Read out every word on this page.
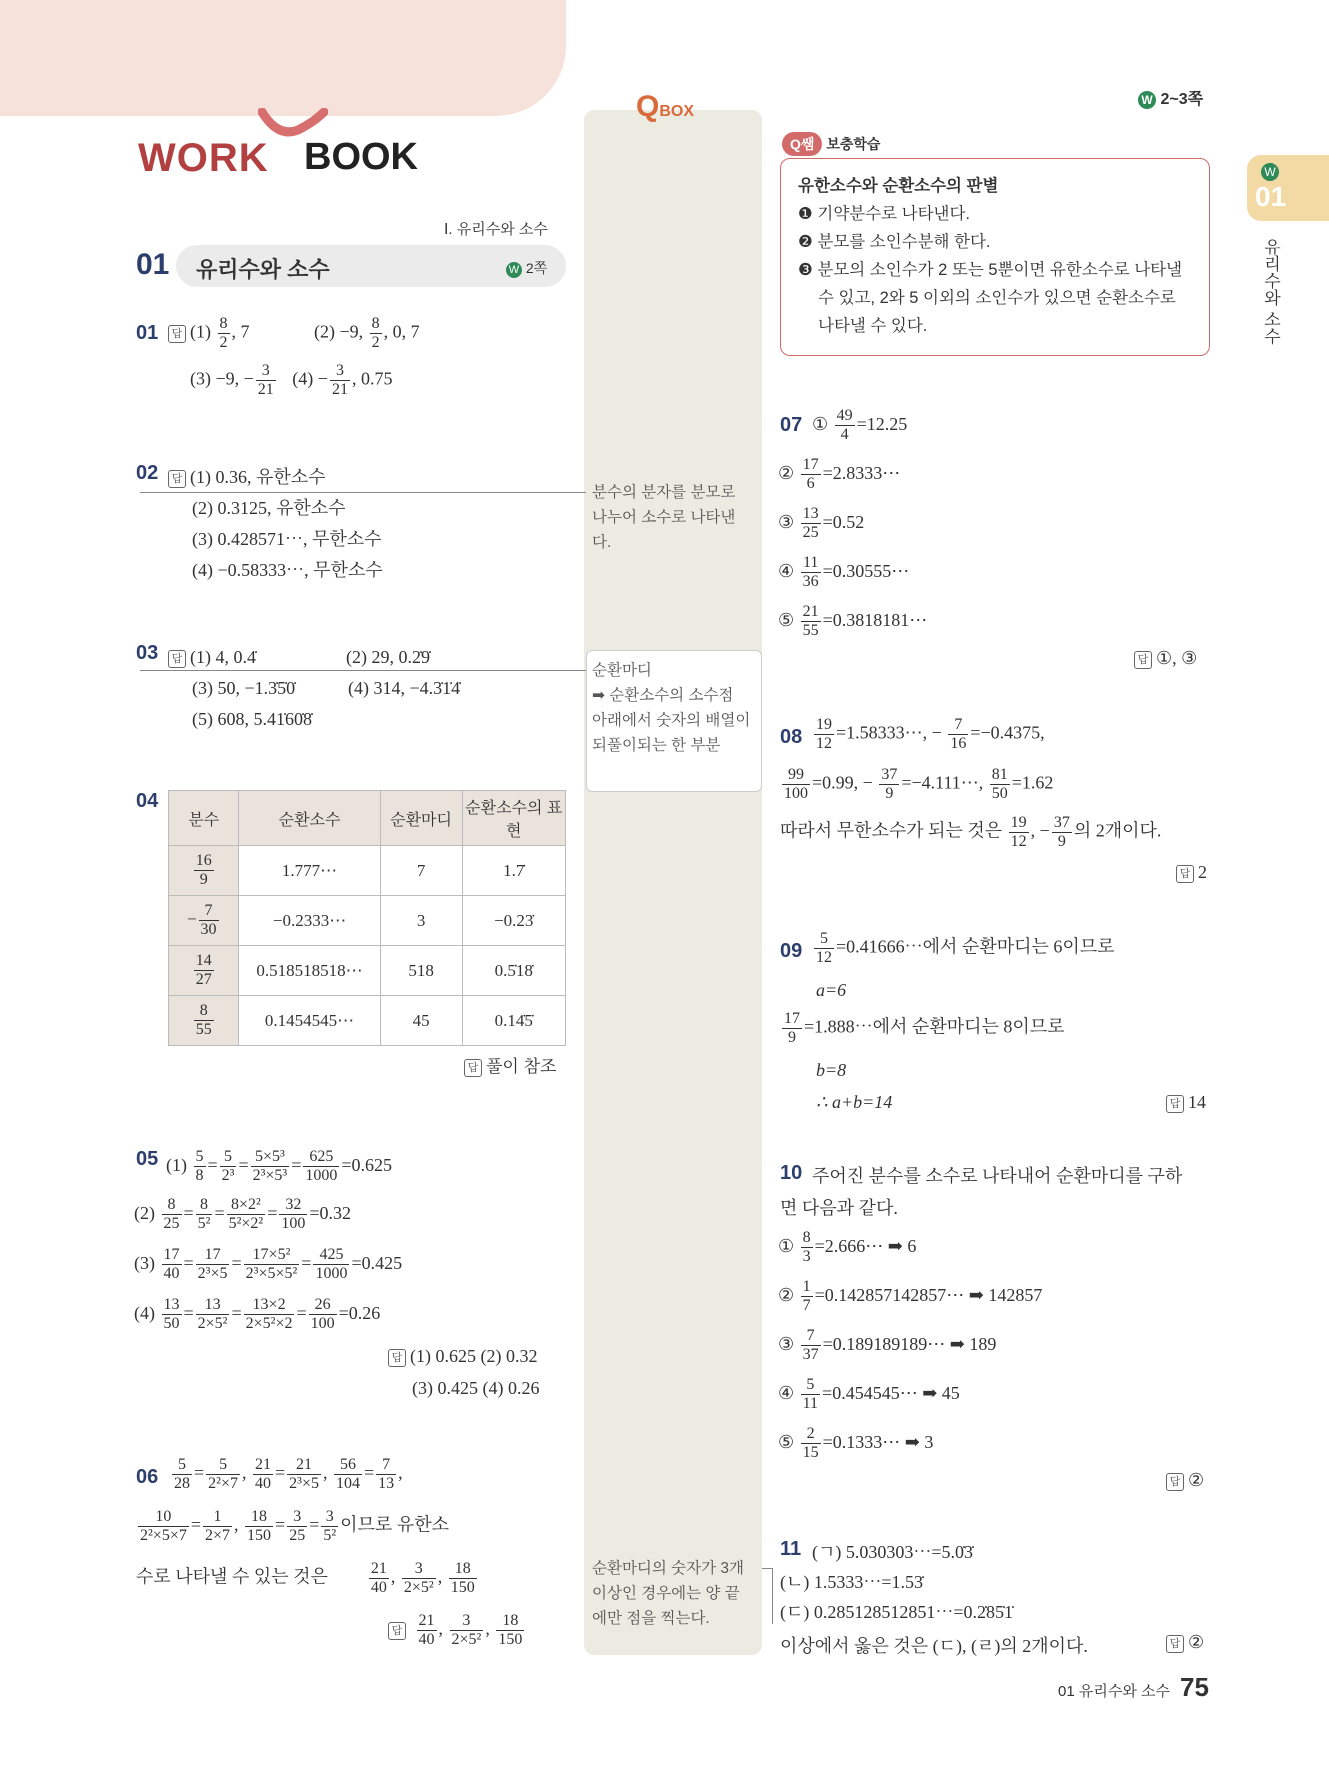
WORK BOOK
W 2~3쪽
W
01
유리수와 소수
QBOX
분수의 분자를 분모로 나누어 소수로 나타낸다.
순환마디
➡ 순환소수의 소수점 아래에서 숫자의 배열이 되풀이되는 한 부분
순환마디의 숫자가 3개 이상인 경우에는 양 끝에만 점을 찍는다.
Ⅰ. 유리수와 소수
01 유리수와 소수	W 2쪽
01	답 $(1) \frac{8}{2}$ , 7	(2) −9, $\frac{8}{2}$ , 0, 7
(3) −9, − $\frac{3}{21} (4) - \frac{3}{21}$ , 0.75
02	답 (1) 0.36, 유한소수
(2) 0.3125, 유한소수
(3) 0.428571⋯, 무한소수
(4) −0.58333⋯, 무한소수
03	답 (1) 4, 0.4̇	(2) 29, 0.2̇9̇
(3) 50, −1.3̇5̇0̇	(4) 314, −4.3̇1̇4̇
(5) 608, 5.41̇60̇8̇
04
분수	순환소수	순환마디	순환소수의 표현

$\frac{16}{9}$	1.777⋯	7	1.7̇
− $\frac{7}{30}$	−0.2333⋯	3	−0.23̇

$\frac{14}{27}$	0.518518518⋯	518	0.5̇18̇

$\frac{8}{55}$	0.1454545⋯	45	0.14̇5̇
답 풀이 참조
05 $(1) \frac{5}{8} = \frac{5}{\text{2³}} = \frac{\text{5×5³}}{\text{2³×5³}} = \frac{625}{1000} =0.625$
$(2) \frac{8}{25} = \frac{8}{\text{5²}} = \frac{\text{8×2²}}{\text{5²×2²}} = \frac{32}{100} =0.32$
$(3) \frac{17}{40} = \frac{17}{\text{2³×5}} = \frac{\text{17×5²}}{\text{2³×5×5²}} = \frac{425}{1000} =0.425$
$(4) \frac{13}{50} = \frac{13}{\text{2×5²}} = \frac{13\times 2}{\text{2×5²×2}} = \frac{26}{100} =0.26$
답 (1) 0.625 (2) 0.32
(3) 0.425 (4) 0.26
$06 \frac{5}{28} = \frac{5}{\text{2²×7}}$ , $\frac{21}{40} = \frac{21}{\text{2³×5}}$ , $\frac{56}{104} = \frac{7}{13}$ ,
$\frac{10}{\text{2²×5×7}} = \frac{1}{2\times 7}$ , $\frac{18}{150} = \frac{3}{25} = \frac{3}{\text{5²}}$ 이므로 유한소
수로 나타낼 수 있는 것은	$\frac{21}{40}$ , $\frac{3}{\text{2×5²}}$ , $\frac{18}{150}$
답 $\frac{21}{40}$ , $\frac{3}{\text{2×5²}}$ , $\frac{18}{150}$
Q쌤 보충학습
유한소수와 순환소수의 판별
❶ 기약분수로 나타낸다.
❷ 분모를 소인수분해 한다.
❸ 분모의 소인수가 2 또는 5뿐이면 유한소수로 나타낼
수 있고, 2와 5 이외의 소인수가 있으면 순환소수로
나타낼 수 있다.
07 ① $\frac{49}{4} =12.25$
② $\frac{17}{6}$ =2.8333⋯
③ $\frac{13}{25} =0.52$
④ $\frac{11}{36}$ =0.30555⋯
⑤ $\frac{21}{55}$ =0.3818181⋯
답 ①, ③
$08 \frac{19}{12}$ =1.58333⋯, − $\frac{7}{16} =-0.4375$,
$\frac{99}{100} =0.99$, − $\frac{37}{9}$ =−4.111⋯, $\frac{81}{50} =1.62$
따라서 무한소수가 되는 것은 $\frac{19}{12}$ , − $\frac{37}{9}$ 의 2개이다.
답 2
$09 \frac{5}{12}$ =0.41666⋯에서 순환마디는 6이므로
a=6
$\frac{17}{9}$ =1.888⋯에서 순환마디는 8이므로
b=8
∴ a+b=14	답 14
10 주어진 분수를 소수로 나타내어 순환마디를 구하
면 다음과 같다.
① $\frac{8}{3}$ =2.666⋯ ➡ 6
② $\frac{1}{7}$ =0.142857142857⋯ ➡ 142857
③ $\frac{7}{37}$ =0.189189189⋯ ➡ 189
④ $\frac{5}{11}$ =0.454545⋯ ➡ 45
⑤ $\frac{2}{15}$ =0.1333⋯ ➡ 3
답 ②
11 (ㄱ) 5.030303⋯=5.0̇3̇
(ㄴ) 1.5333⋯=1.53̇
(ㄷ) 0.285128512851⋯=0.2̇85̇1̇
이상에서 옳은 것은 (ㄷ), (ㄹ)의 2개이다.	답 ②
01 유리수와 소수 75
